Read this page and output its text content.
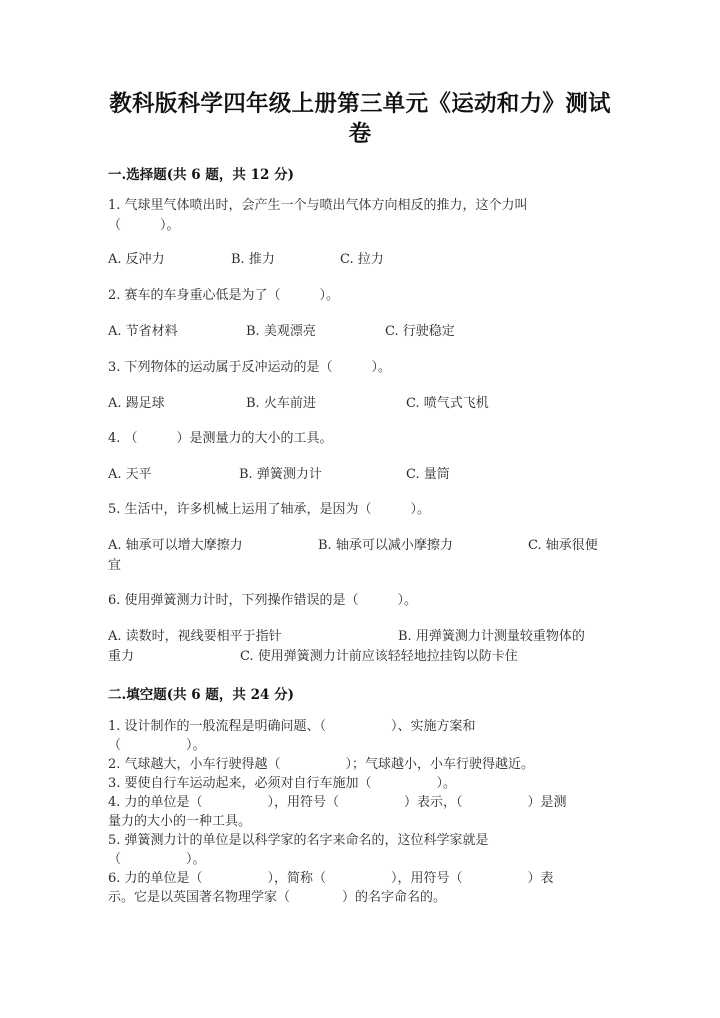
教科版科学四年级上册第三单元《运动和力》测试
卷
一.选择题(共 6 题，共 12 分)
1. 气球里气体喷出时，会产生一个与喷出气体方向相反的推力，这个力叫
（　　　）。
A. 反冲力	B. 推力	C. 拉力
2. 赛车的车身重心低是为了（　　　）。
A. 节省材料	B. 美观漂亮	C. 行驶稳定
3. 下列物体的运动属于反冲运动的是（　　　）。
A. 踢足球	B. 火车前进	C. 喷气式飞机
4. （　　　）是测量力的大小的工具。
A. 天平	B. 弹簧测力计	C. 量筒
5. 生活中，许多机械上运用了轴承，是因为（　　　）。
A. 轴承可以增大摩擦力	B. 轴承可以减小摩擦力	C. 轴承很便
宜
6. 使用弹簧测力计时，下列操作错误的是（　　　）。
A. 读数时，视线要相平于指针	B. 用弹簧测力计测量较重物体的
重力	C. 使用弹簧测力计前应该轻轻地拉挂钩以防卡住
二.填空题(共 6 题，共 24 分)
1. 设计制作的一般流程是明确问题、（　　　　　）、实施方案和
（　　　　　）。
2. 气球越大，小车行驶得越（　　　　　）；气球越小，小车行驶得越近。
3. 要使自行车运动起来，必须对自行车施加（　　　　　）。
4. 力的单位是（　　　　　），用符号（　　　　　）表示，（　　　　　）是测
量力的大小的一种工具。
5. 弹簧测力计的单位是以科学家的名字来命名的，这位科学家就是
（　　　　　）。
6. 力的单位是（　　　　　），简称（　　　　　），用符号（　　　　　）表
示。它是以英国著名物理学家（　　　　）的名字命名的。
